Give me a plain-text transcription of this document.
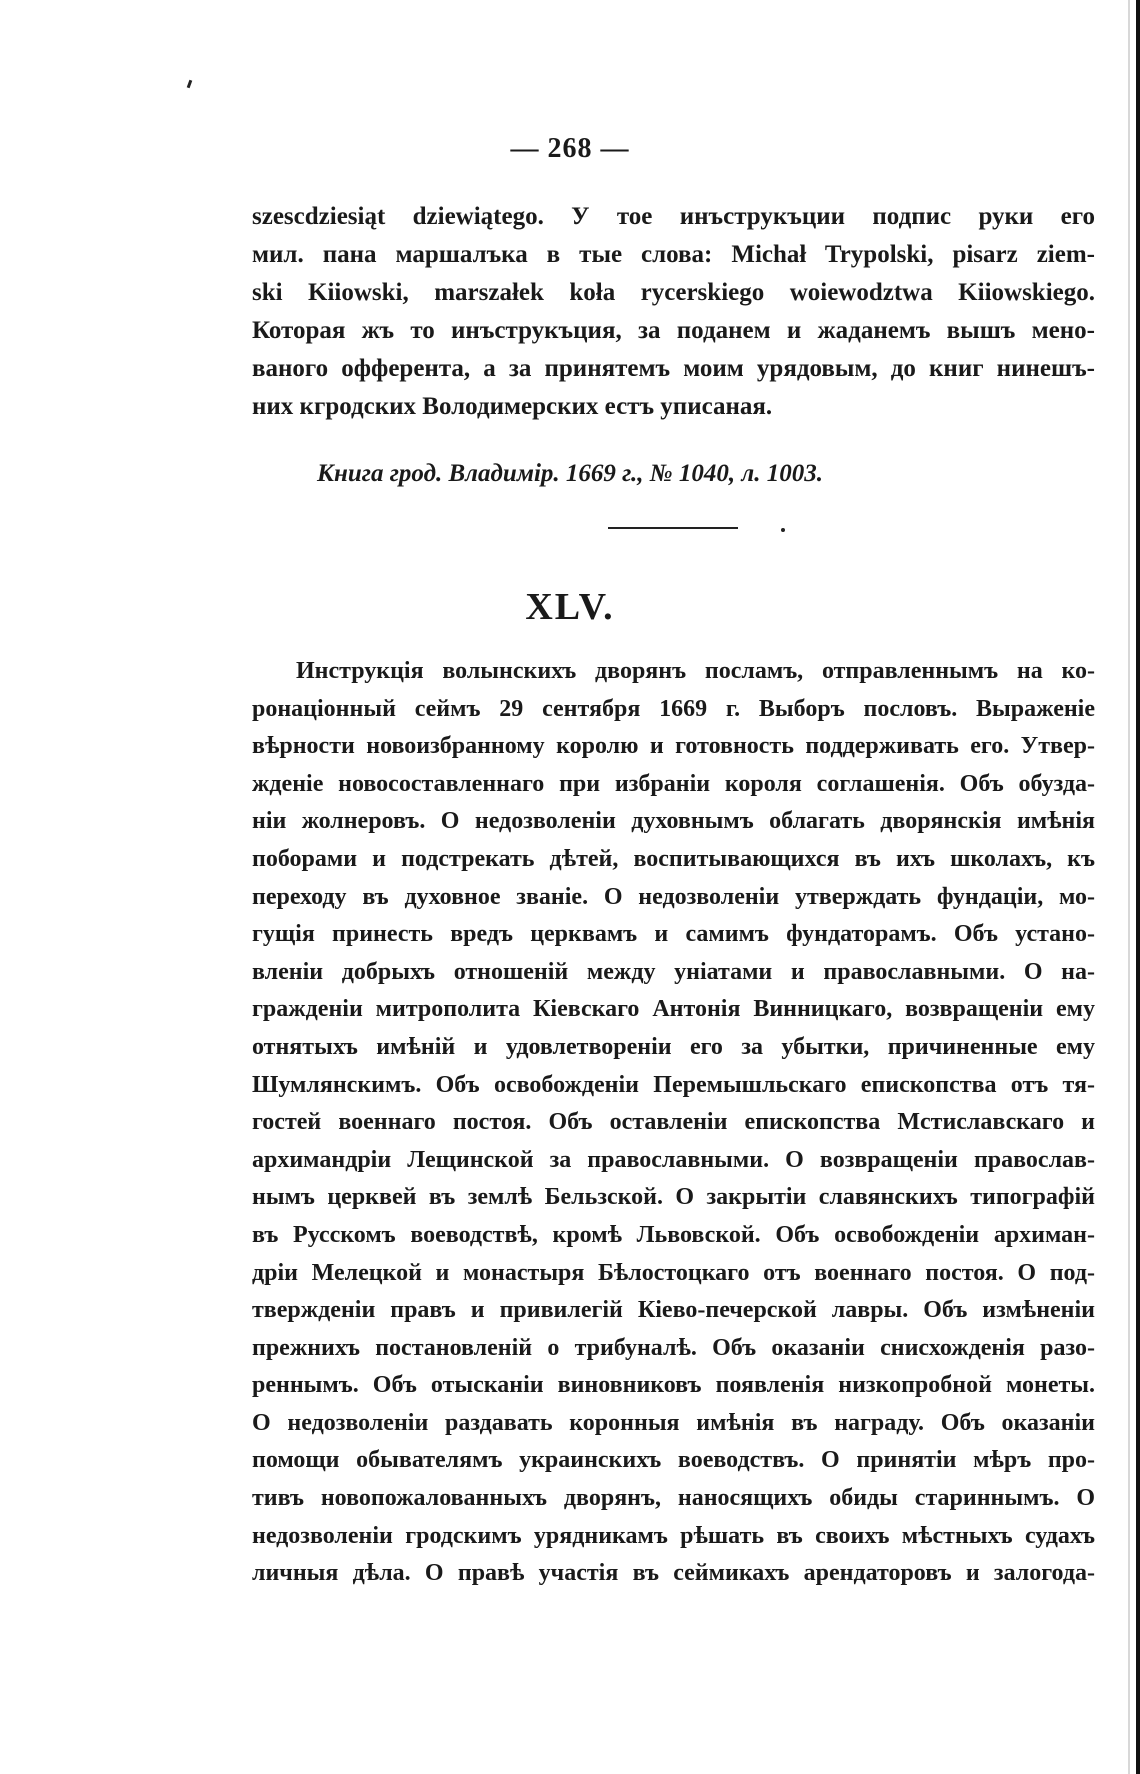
— 268 —
szescdziesiąt dziewiątego. У тое инъструкъции подпис руки его
мил. пана маршалъка в тые слова: Michał Trypolski, pisarz ziem-
ski Kiiowski, marszałek koła rycerskiego woiewodztwa Kiiowskiego.
Которая жъ то инъструкъция, за поданем и жаданемъ вышъ мено-
ваного офферента, а за принятемъ моим урядовым, до книг нинешъ-
них кгродских Володимерских естъ уписаная.
Книга грод. Владимір. 1669 г., № 1040, л. 1003.
XLV.
Инструкція волынскихъ дворянъ посламъ, отправленнымъ на ко-
ронаціонный сеймъ 29 сентября 1669 г. Выборъ пословъ. Выраженіе
вѣрности новоизбранному королю и готовность поддерживать его. Утвер-
жденіе новосоставленнаго при избраніи короля соглашенія. Объ обузда-
ніи жолнеровъ. О недозволеніи духовнымъ облагать дворянскія имѣнія
поборами и подстрекать дѣтей, воспитывающихся въ ихъ школахъ, къ
переходу въ духовное званіе. О недозволеніи утверждать фундаціи, мо-
гущія принесть вредъ церквамъ и самимъ фундаторамъ. Объ устано-
вленіи добрыхъ отношеній между уніатами и православными. О на-
гражденіи митрополита Кіевскаго Антонія Винницкаго, возвращеніи ему
отнятыхъ имѣній и удовлетвореніи его за убытки, причиненные ему
Шумлянскимъ. Объ освобожденіи Перемышльскаго епископства отъ тя-
гостей военнаго постоя. Объ оставленіи епископства Мстиславскаго и
архимандріи Лещинской за православными. О возвращеніи православ-
нымъ церквей въ землѣ Бельзской. О закрытіи славянскихъ типографій
въ Русскомъ воеводствѣ, кромѣ Львовской. Объ освобожденіи архиман-
дріи Мелецкой и монастыря Бѣлостоцкаго отъ военнаго постоя. О под-
твержденіи правъ и привилегій Кіево-печерской лавры. Объ измѣненіи
прежнихъ постановленій о трибуналѣ. Объ оказаніи снисхожденія разо-
реннымъ. Объ отысканіи виновниковъ появленія низкопробной монеты.
О недозволеніи раздавать коронныя имѣнія въ награду. Объ оказаніи
помощи обывателямъ украинскихъ воеводствъ. О принятіи мѣръ про-
тивъ новопожалованныхъ дворянъ, наносящихъ обиды стариннымъ. О
недозволеніи гродскимъ урядникамъ рѣшать въ своихъ мѣстныхъ судахъ
личныя дѣла. О правѣ участія въ сеймикахъ арендаторовъ и залогода-
